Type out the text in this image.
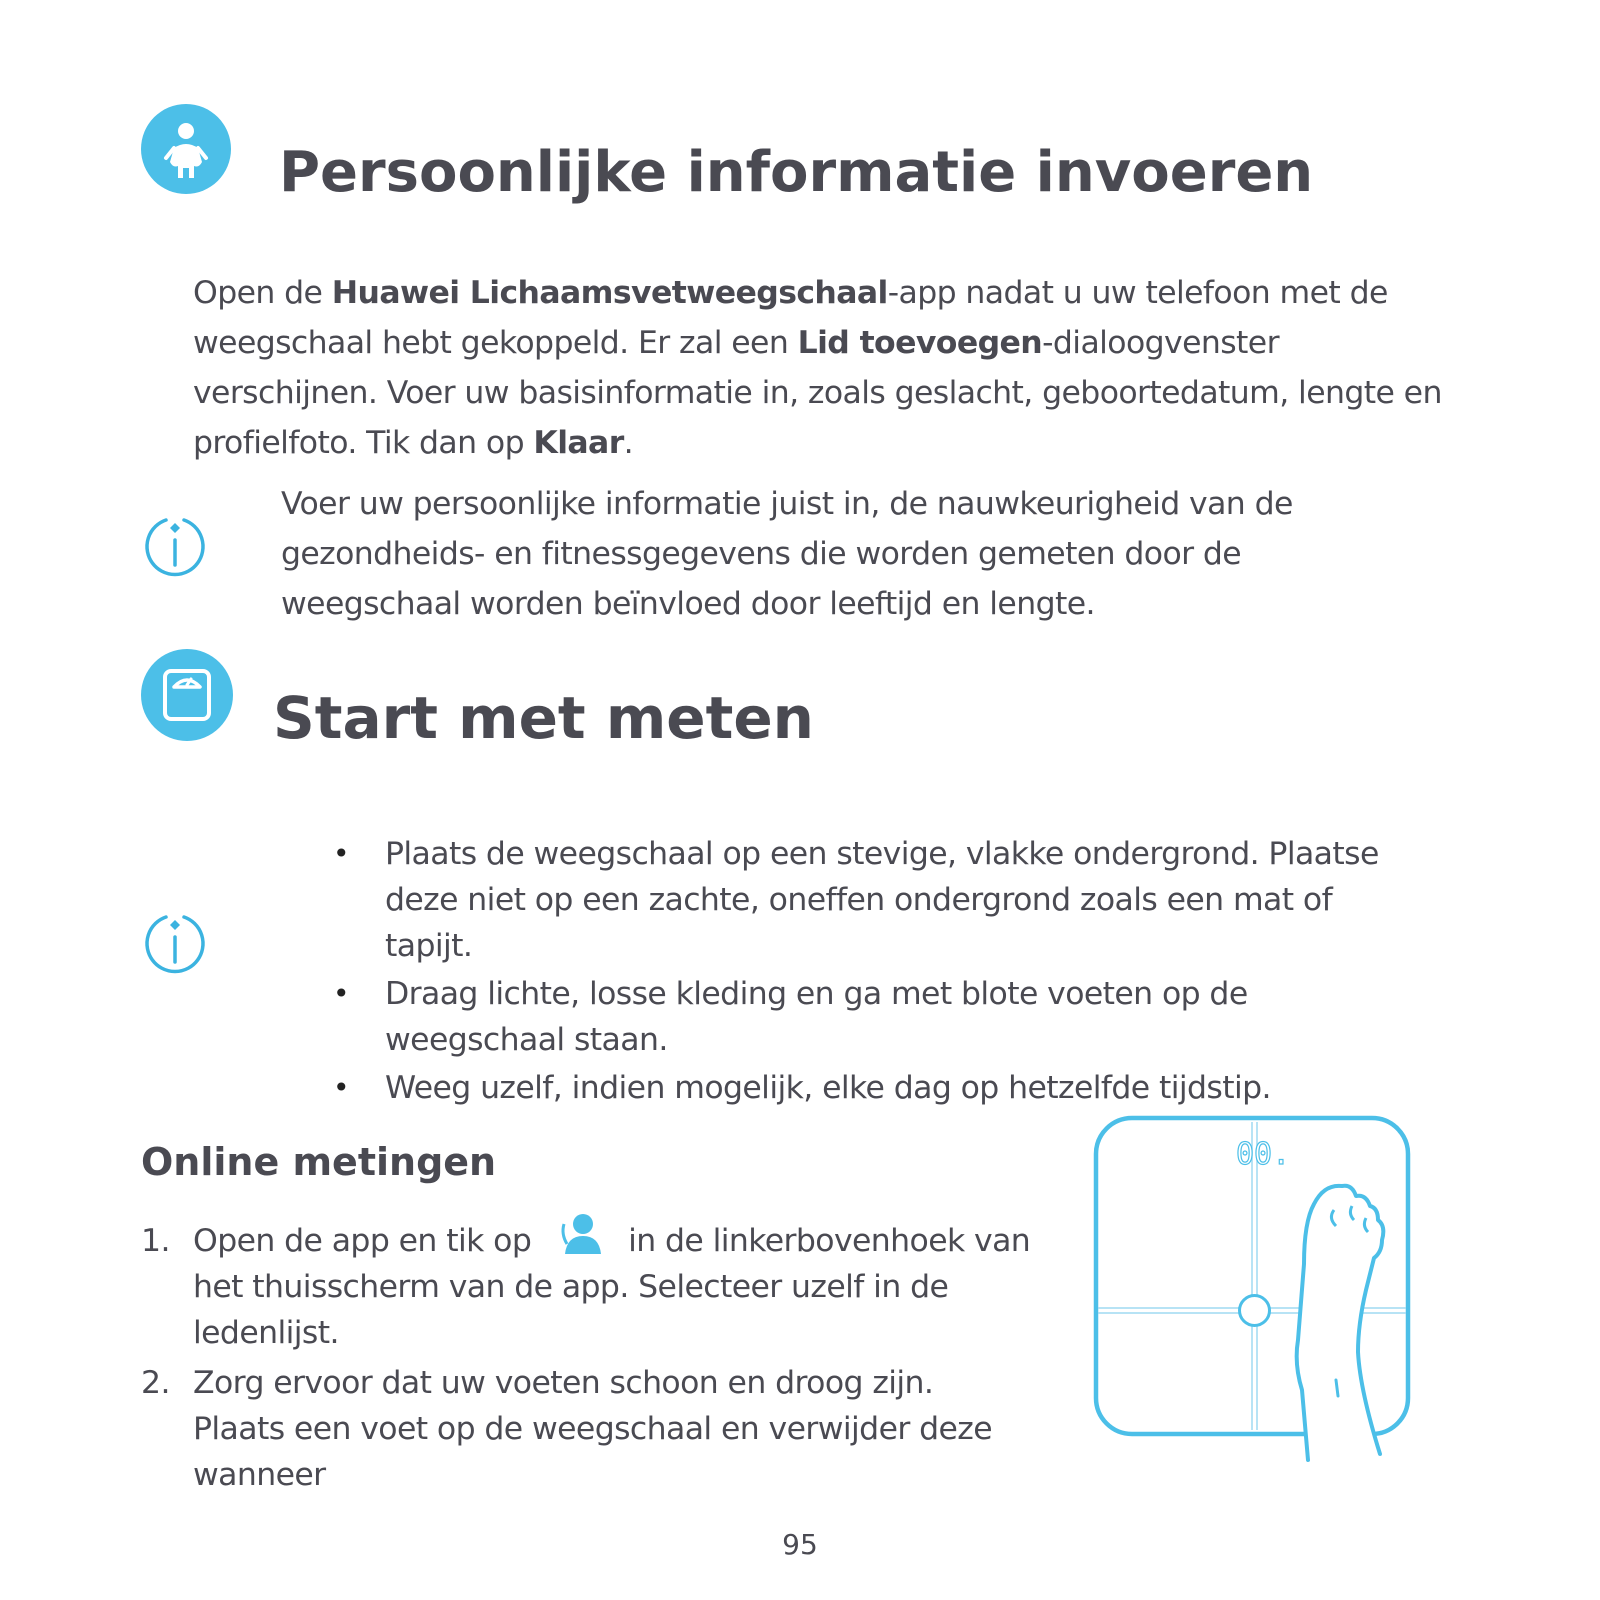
Persoonlijke informatie invoeren
Open de Huawei Lichaamsvetweegschaal-app nadat u uw telefoon met de weegschaal hebt gekoppeld. Er zal een Lid toevoegen-dialoogvenster verschijnen. Voer uw basisinformatie in, zoals geslacht, geboortedatum, lengte en profielfoto. Tik dan op Klaar.
Voer uw persoonlijke informatie juist in, de nauwkeurigheid van de gezondheids- en fitnessgegevens die worden gemeten door de weegschaal worden beïnvloed door leeftijd en lengte.
Start met meten
• Plaats de weegschaal op een stevige, vlakke ondergrond. Plaatse deze niet op een zachte, oneffen ondergrond zoals een mat of tapijt.
• Draag lichte, losse kleding en ga met blote voeten op de weegschaal staan.
• Weeg uzelf, indien mogelijk, elke dag op hetzelfde tijdstip.
Online metingen
1. Open de app en tik op	in de linkerbovenhoek van het thuisscherm van de app. Selecteer uzelf in de ledenlijst.
2. Zorg ervoor dat uw voeten schoon en droog zijn. Plaats een voet op de weegschaal en verwijder deze wanneer
00.
95
